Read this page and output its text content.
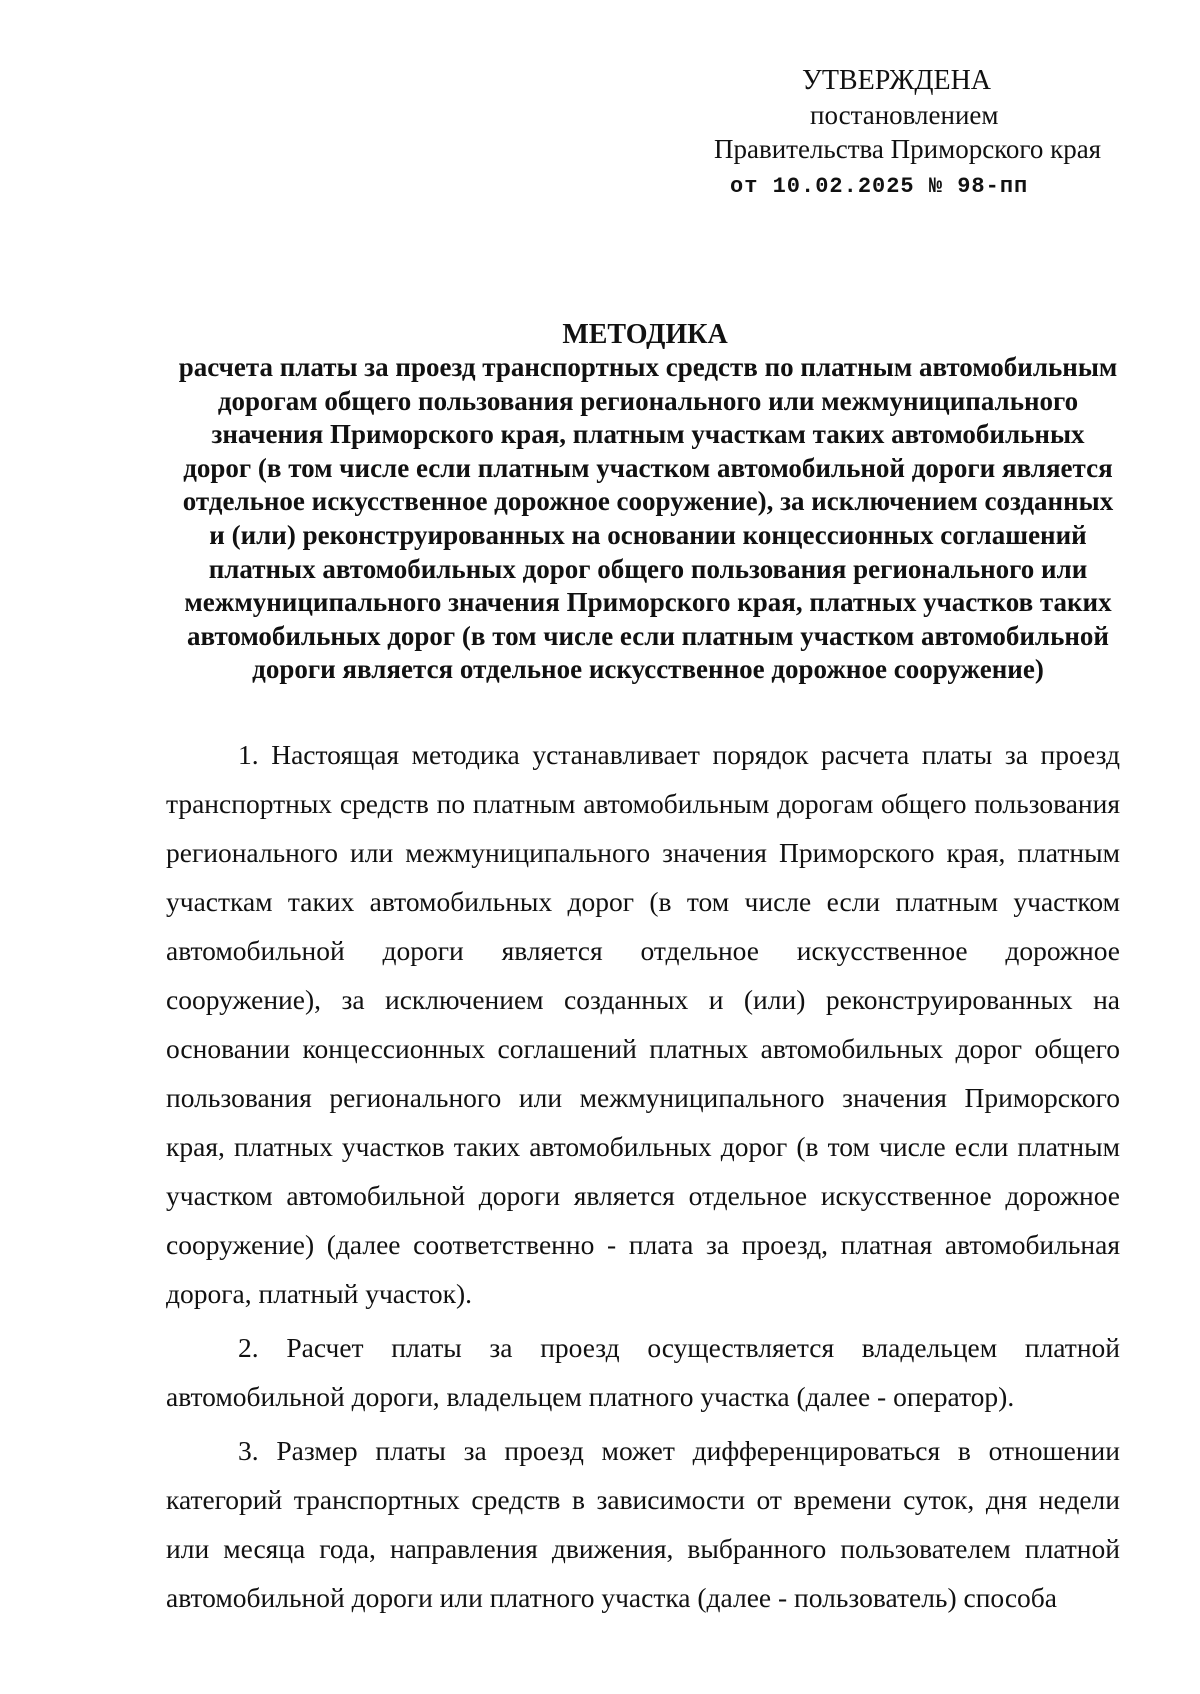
УТВЕРЖДЕНА
постановлением
Правительства Приморского края
от 10.02.2025 № 98-пп
МЕТОДИКА
расчета платы за проезд транспортных средств по платным автомобильным дорогам общего пользования регионального или межмуниципального значения Приморского края, платным участкам таких автомобильных дорог (в том числе если платным участком автомобильной дороги является отдельное искусственное дорожное сооружение), за исключением созданных и (или) реконструированных на основании концессионных соглашений платных автомобильных дорог общего пользования регионального или межмуниципального значения Приморского края, платных участков таких автомобильных дорог (в том числе если платным участком автомобильной дороги является отдельное искусственное дорожное сооружение)

1. Настоящая методика устанавливает порядок расчета платы за проезд транспортных средств по платным автомобильным дорогам общего пользования регионального или межмуниципального значения Приморского края, платным участкам таких автомобильных дорог (в том числе если платным участком автомобильной дороги является отдельное искусственное дорожное сооружение), за исключением созданных и (или) реконструированных на основании концессионных соглашений платных автомобильных дорог общего пользования регионального или межмуниципального значения Приморского края, платных участков таких автомобильных дорог (в том числе если платным участком автомобильной дороги является отдельное искусственное дорожное сооружение) (далее соответственно - плата за проезд, платная автомобильная дорога, платный участок).

2. Расчет платы за проезд осуществляется владельцем платной автомобильной дороги, владельцем платного участка (далее - оператор).

3. Размер платы за проезд может дифференцироваться в отношении категорий транспортных средств в зависимости от времени суток, дня недели или месяца года, направления движения, выбранного пользователем платной автомобильной дороги или платного участка (далее - пользователь) способа
